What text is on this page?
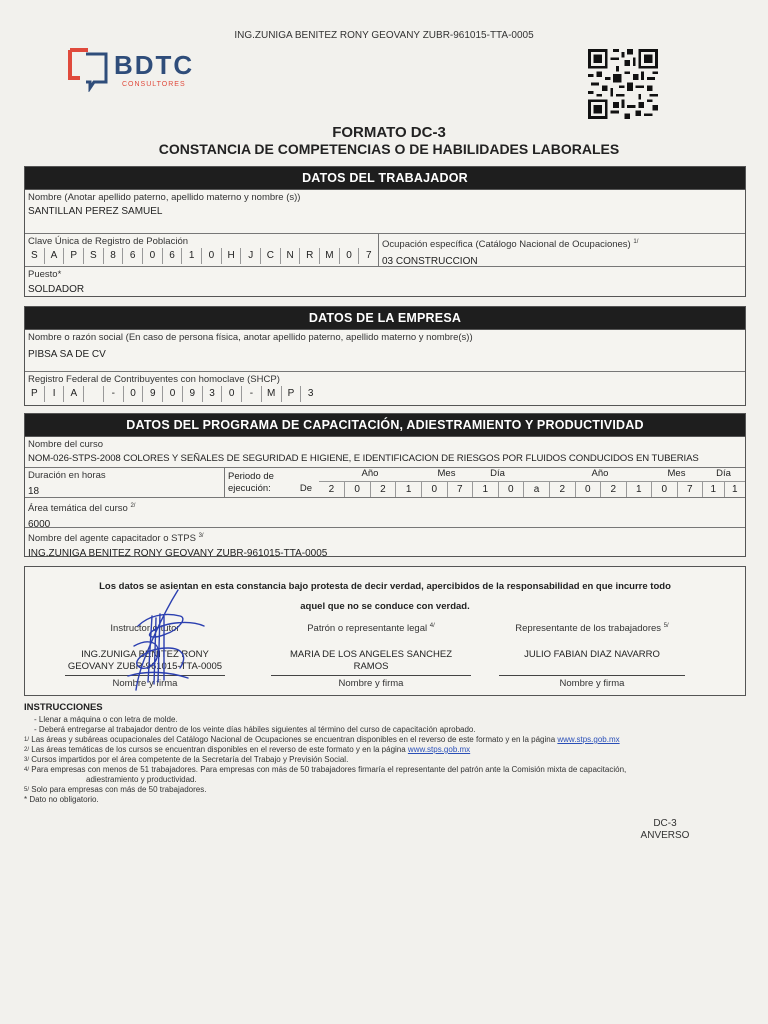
ING.ZUNIGA BENITEZ RONY GEOVANY ZUBR-961015-TTA-0005
BDTC
CONSULTORES
FORMATO DC-3
CONSTANCIA DE COMPETENCIAS O DE HABILIDADES LABORALES
DATOS DEL TRABAJADOR
Nombre (Anotar apellido paterno, apellido materno y nombre (s))
SANTILLAN PEREZ SAMUEL
Clave Única de Registro de Población
S	A	P	S	8	6	0	6	1	0	H	J	C	N	R	M	0	7
Ocupación específica (Catálogo Nacional de Ocupaciones) $^{1/}$
03 CONSTRUCCION
Puesto*
SOLDADOR
DATOS DE LA EMPRESA
Nombre o razón social (En caso de persona física, anotar apellido paterno, apellido materno y nombre(s))
PIBSA SA DE CV
Registro Federal de Contribuyentes con homoclave (SHCP)
P	I	A	-	0	9	0	9	3	0	-	M	P	3
DATOS DEL PROGRAMA DE CAPACITACIÓN, ADIESTRAMIENTO Y PRODUCTIVIDAD
Nombre del curso
NOM-026-STPS-2008 COLORES Y SEÑALES DE SEGURIDAD E HIGIENE, E IDENTIFICACION DE RIESGOS POR FLUIDOS CONDUCIDOS EN TUBERIAS
Duración en horas
18
Periodo de
ejecución:	De
Año	Mes	Día	Año	Mes	Día
2	0	2	1	0	7	1	0	a	2	0	2	1	0	7	1	1
Área temática del curso $^{2/}$
6000
Nombre del agente capacitador o STPS $^{3/}$
ING.ZUNIGA BENITEZ RONY GEOVANY ZUBR-961015-TTA-0005
Los datos se asientan en esta constancia bajo protesta de decir verdad, apercibidos de la responsabilidad en que incurre todo
aquel que no se conduce con verdad.
Instructor o tutor
ING.ZUNIGA BENITEZ RONY
GEOVANY ZUBR-961015-TTA-0005
Nombre y firma
Patrón o representante legal $^{4/}$
MARIA DE LOS ANGELES SANCHEZ
RAMOS
Nombre y firma
Representante de los trabajadores $^{5/}$
JULIO FABIAN DIAZ NAVARRO

Nombre y firma
INSTRUCCIONES
- Llenar a máquina o con letra de molde.
- Deberá entregarse al trabajador dentro de los veinte días hábiles siguientes al término del curso de capacitación aprobado.
$^{1/}$ Las áreas y subáreas ocupacionales del Catálogo Nacional de Ocupaciones se encuentran disponibles en el reverso de este formato y en la página www.stps.gob.mx
$^{2/}$ Las áreas temáticas de los cursos se encuentran disponibles en el reverso de este formato y en la página www.stps.gob.mx
$^{3/}$ Cursos impartidos por el área competente de la Secretaría del Trabajo y Previsión Social.
$^{4/}$ Para empresas con menos de 51 trabajadores. Para empresas con más de 50 trabajadores firmaría el representante del patrón ante la Comisión mixta de capacitación,
adiestramiento y productividad.
$^{5/}$ Solo para empresas con más de 50 trabajadores.
* Dato no obligatorio.
DC-3
ANVERSO
